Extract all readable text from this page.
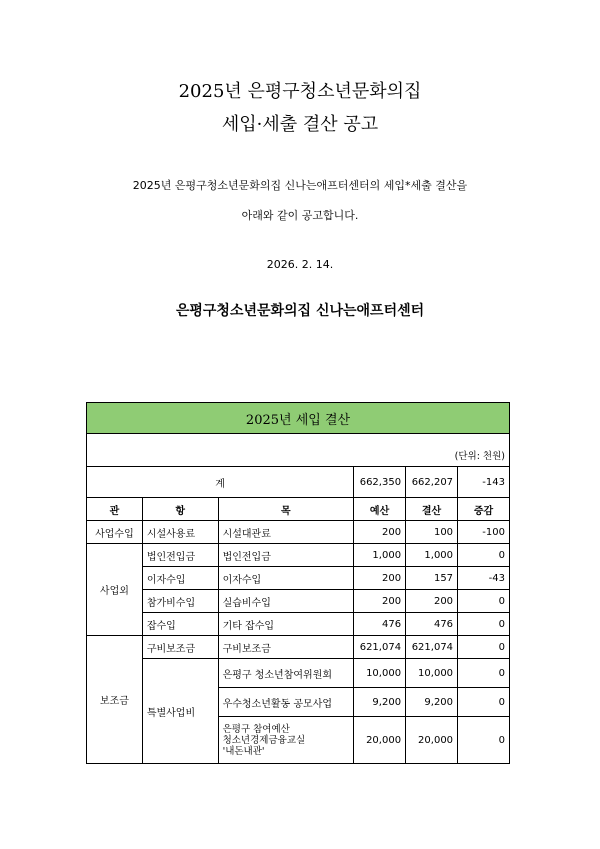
2025년 은평구청소년문화의집
세입·세출 결산 공고
2025년 은평구청소년문화의집 신나는애프터센터의 세입*세출 결산을
아래와 같이 공고합니다.
2026. 2. 14.
은평구청소년문화의집 신나는애프터센터
2025년 세입 결산					
(단위: 천원)					
계			662,350	662,207	-143
관	항	목	예산	결산	증감
사업수입	시설사용료	시설대관료	200	100	-100
사업외	법인전입금	법인전입금	1,000	1,000	0
	이자수입	이자수입	200	157	-43
	참가비수입	실습비수입	200	200	0
	잡수입	기타 잡수입	476	476	0
보조금	구비보조금	구비보조금	621,074	621,074	0
	특별사업비	은평구 청소년참여위원회	10,000	10,000	0
		우수청소년활동 공모사업	9,200	9,200	0

		은평구 참여예산
청소년경제금융교실
'내돈내관'	20,000	20,000	0
